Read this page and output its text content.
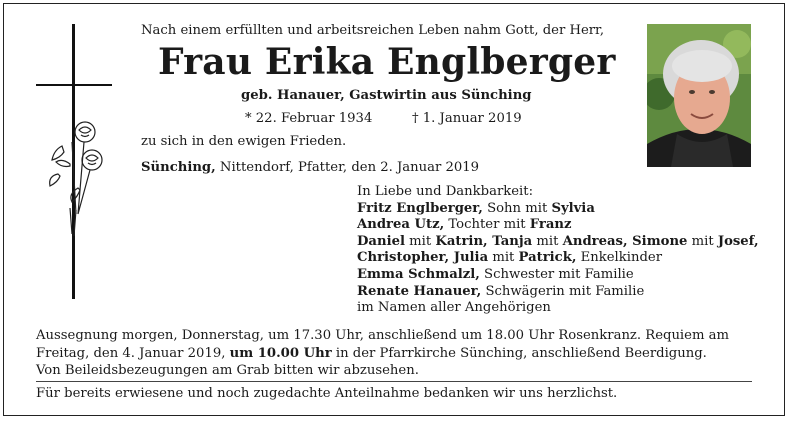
Nach einem erfüllten und arbeitsreichen Leben nahm Gott, der Herr,
Frau Erika Englberger
geb. Hanauer, Gastwirtin aus Sünching
* 22. Februar 1934	† 1. Januar 2019
zu sich in den ewigen Frieden.
Sünching, Nittendorf, Pfatter, den 2. Januar 2019
In Liebe und Dankbarkeit:
Fritz Englberger, Sohn mit Sylvia
Andrea Utz, Tochter mit Franz
Daniel mit Katrin, Tanja mit Andreas, Simone mit Josef,
Christopher, Julia mit Patrick, Enkelkinder
Emma Schmalzl, Schwester mit Familie
Renate Hanauer, Schwägerin mit Familie
im Namen aller Angehörigen
Aussegnung morgen, Donnerstag, um 17.30 Uhr, anschließend um 18.00 Uhr Rosenkranz. Requiem am
Freitag, den 4. Januar 2019, um 10.00 Uhr in der Pfarrkirche Sünching, anschließend Beerdigung.
Von Beileidsbezeugungen am Grab bitten wir abzusehen.
Für bereits erwiesene und noch zugedachte Anteilnahme bedanken wir uns herzlichst.
